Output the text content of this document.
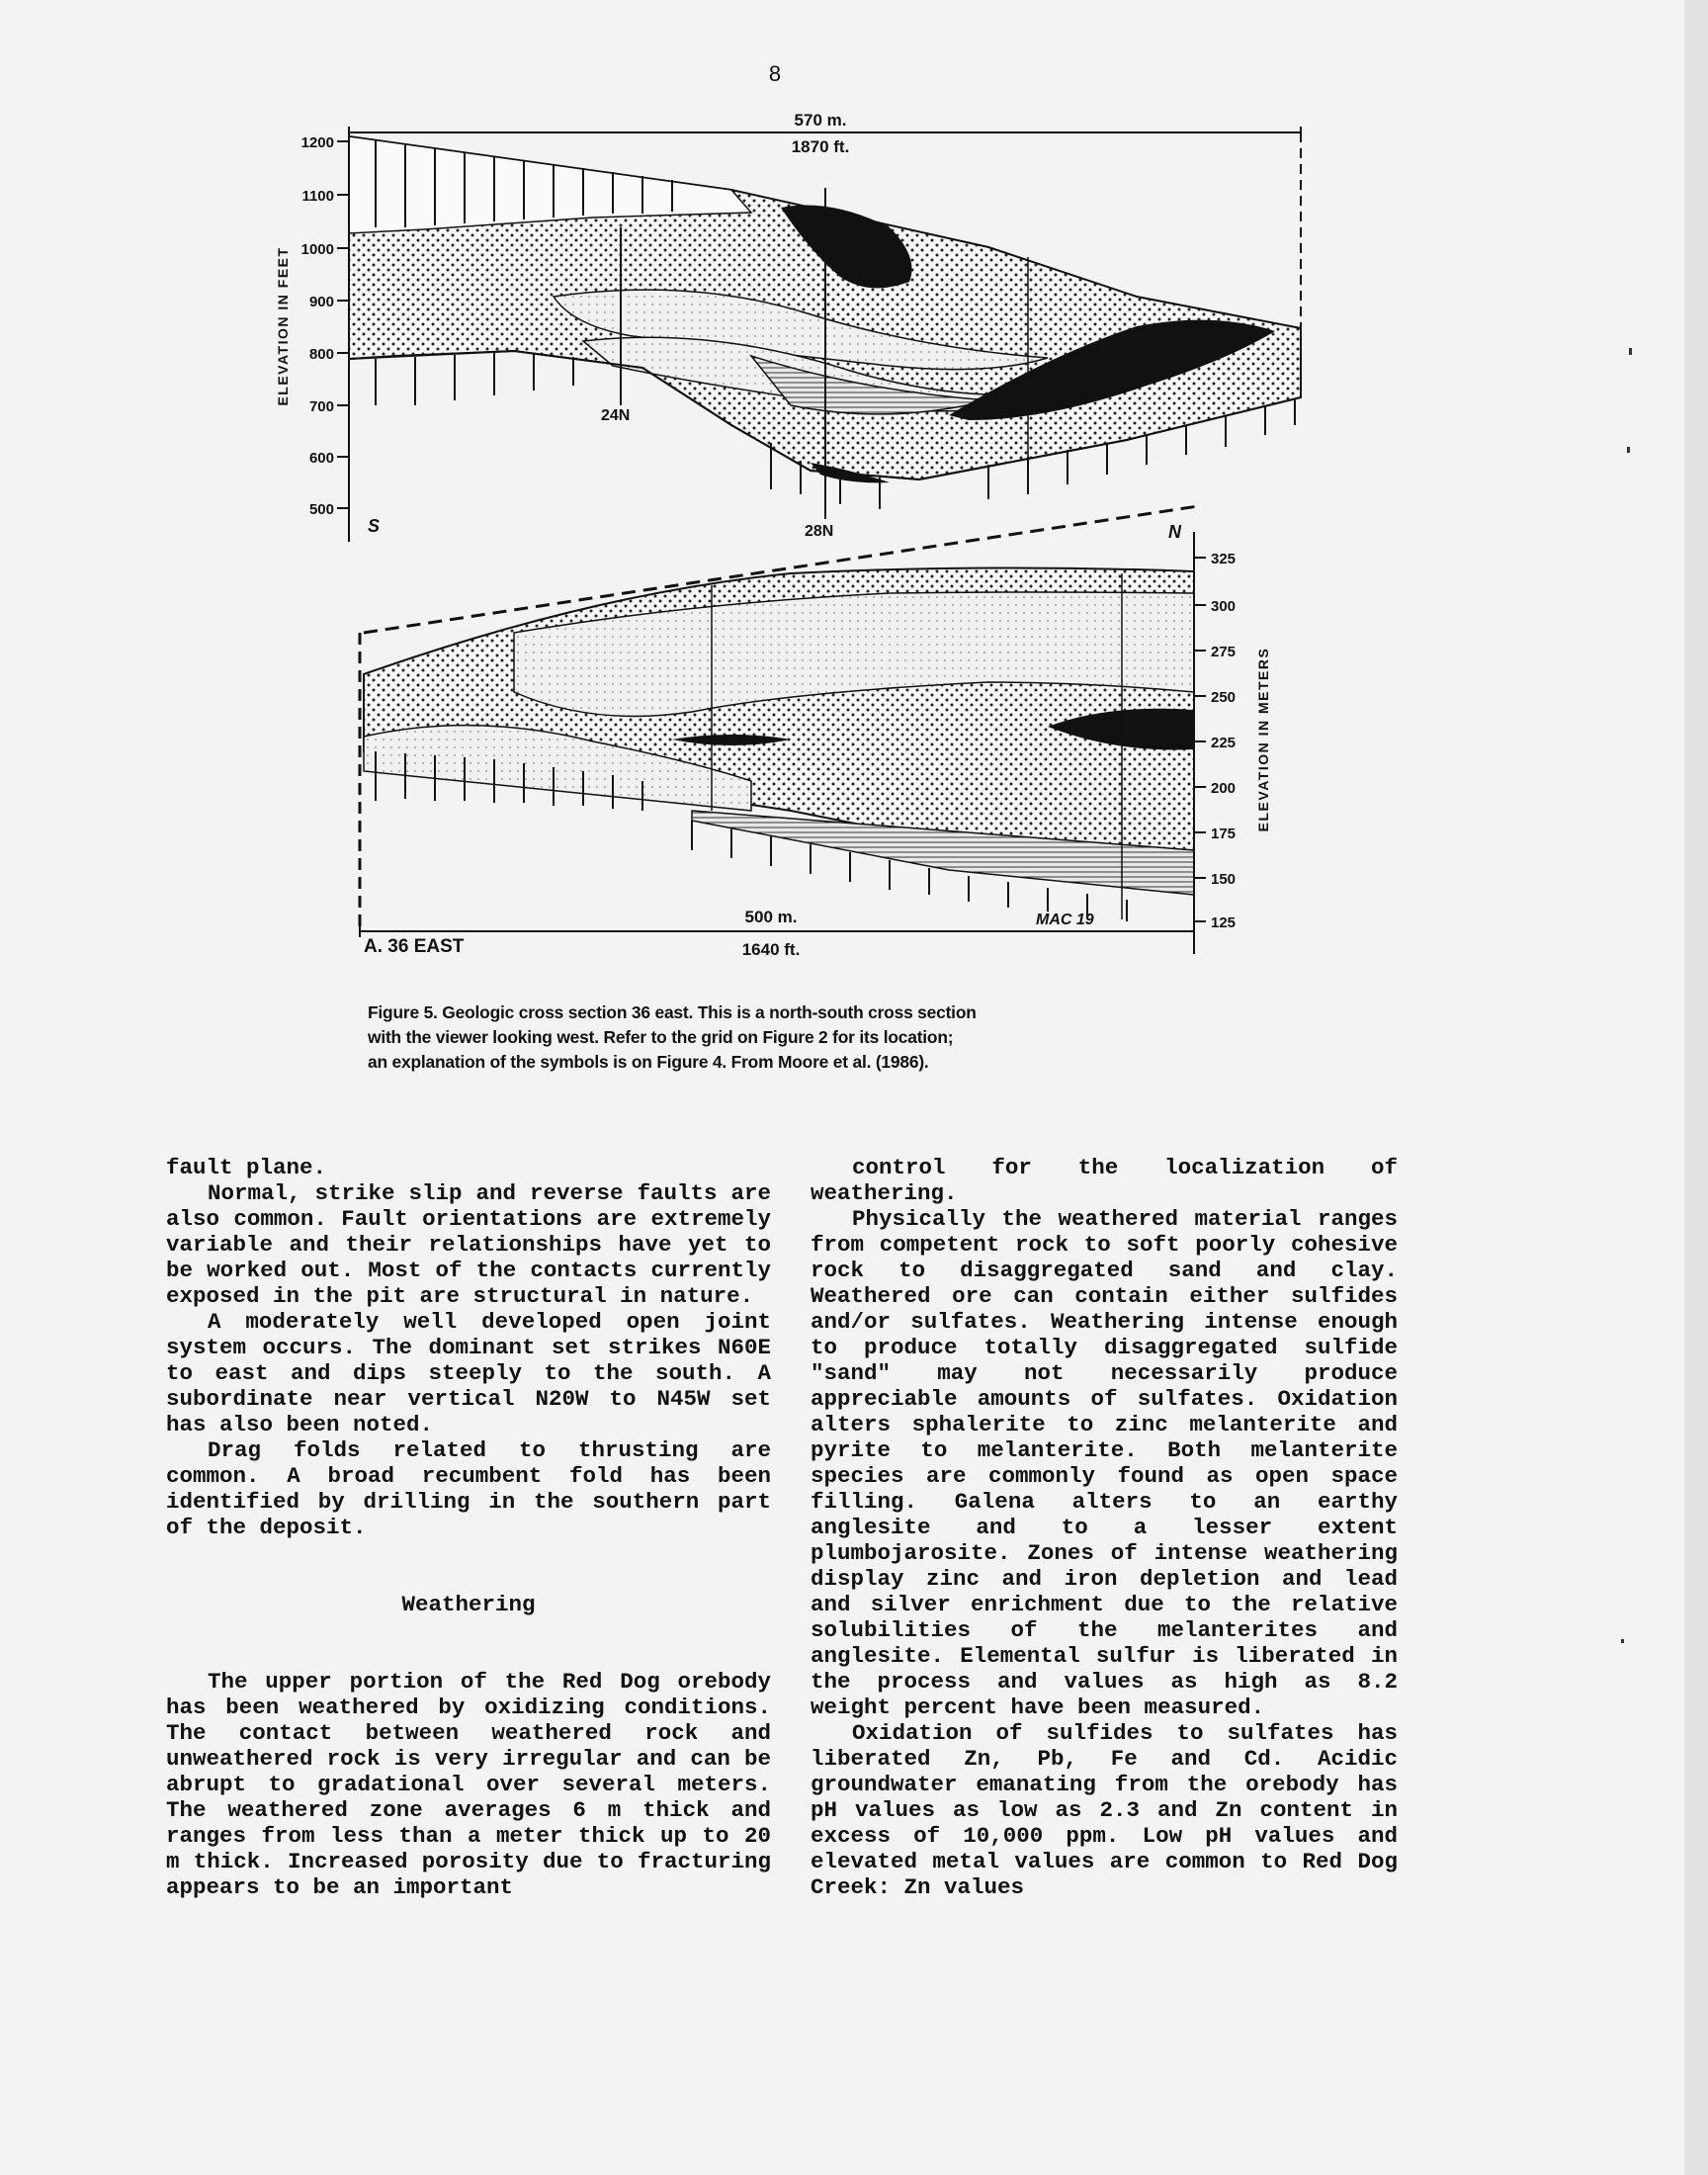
8
570 m.
1870 ft.
1200
1100
1000
900
800
700
600
500
ELEVATION IN FEET
S	N
24N
28N
325
300
275
250
225
200
175
150
125
ELEVATION IN METERS
500 m.
1640 ft.
MAC 19
A. 36 EAST
Figure 5. Geologic cross section 36 east. This is a north-south cross section
with the viewer looking west. Refer to the grid on Figure 2 for its location;
an explanation of the symbols is on Figure 4. From Moore et al. (1986).
fault plane.
Normal, strike slip and reverse faults are also common. Fault orientations are extremely variable and their relationships have yet to be worked out. Most of the contacts currently exposed in the pit are structural in nature.
A moderately well developed open joint system occurs. The dominant set strikes N60E to east and dips steeply to the south. A subordinate near vertical N20W to N45W set has also been noted.
Drag folds related to thrusting are common. A broad recumbent fold has been identified by drilling in the southern part of the deposit.
Weathering
The upper portion of the Red Dog orebody has been weathered by oxidizing conditions. The contact between weathered rock and unweathered rock is very irregular and can be abrupt to gradational over several meters. The weathered zone averages 6 m thick and ranges from less than a meter thick up to 20 m thick. Increased porosity due to fracturing appears to be an important
control for the localization of weathering.
Physically the weathered material ranges from competent rock to soft poorly cohesive rock to disaggregated sand and clay. Weathered ore can contain either sulfides and/or sulfates. Weathering intense enough to produce totally disaggregated sulfide "sand" may not necessarily produce appreciable amounts of sulfates. Oxidation alters sphalerite to zinc melanterite and pyrite to melanterite. Both melanterite species are commonly found as open space filling. Galena alters to an earthy anglesite and to a lesser extent plumbojarosite. Zones of intense weathering display zinc and iron depletion and lead and silver enrichment due to the relative solubilities of the melanterites and anglesite. Elemental sulfur is liberated in the process and values as high as 8.2 weight percent have been measured.
Oxidation of sulfides to sulfates has liberated Zn, Pb, Fe and Cd. Acidic groundwater emanating from the orebody has pH values as low as 2.3 and Zn content in excess of 10,000 ppm. Low pH values and elevated metal values are common to Red Dog Creek: Zn values
